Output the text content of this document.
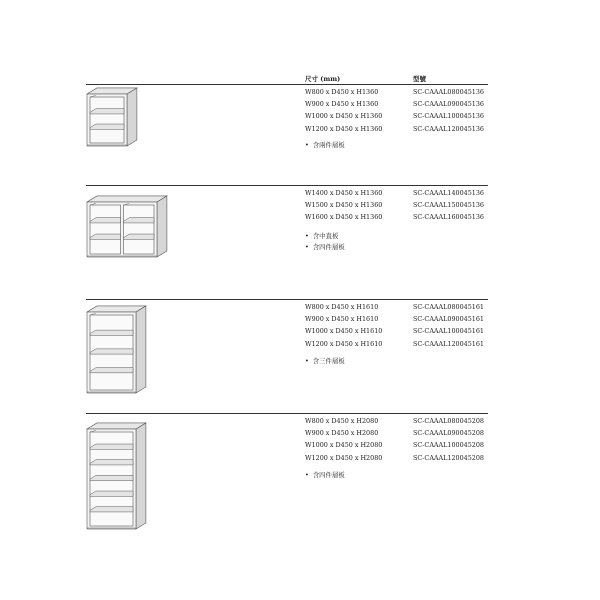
尺寸 (mm)	型號
W800 x D450 x H1360	SC-CAAAL080045136
W900 x D450 x H1360	SC-CAAAL090045136
W1000 x D450 x H1360	SC-CAAAL100045136
W1200 x D450 x H1360	SC-CAAAL120045136
• 含兩件層板
W1400 x D450 x H1360	SC-CAAAL140045136
W1500 x D450 x H1360	SC-CAAAL150045136
W1600 x D450 x H1360	SC-CAAAL160045136
• 含中直板
• 含四件層板
W800 x D450 x H1610	SC-CAAAL080045161
W900 x D450 x H1610	SC-CAAAL090045161
W1000 x D450 x H1610	SC-CAAAL100045161
W1200 x D450 x H1610	SC-CAAAL120045161
• 含三件層板
W800 x D450 x H2080	SC-CAAAL080045208
W900 x D450 x H2080	SC-CAAAL090045208
W1000 x D450 x H2080	SC-CAAAL100045208
W1200 x D450 x H2080	SC-CAAAL120045208
• 含四件層板
